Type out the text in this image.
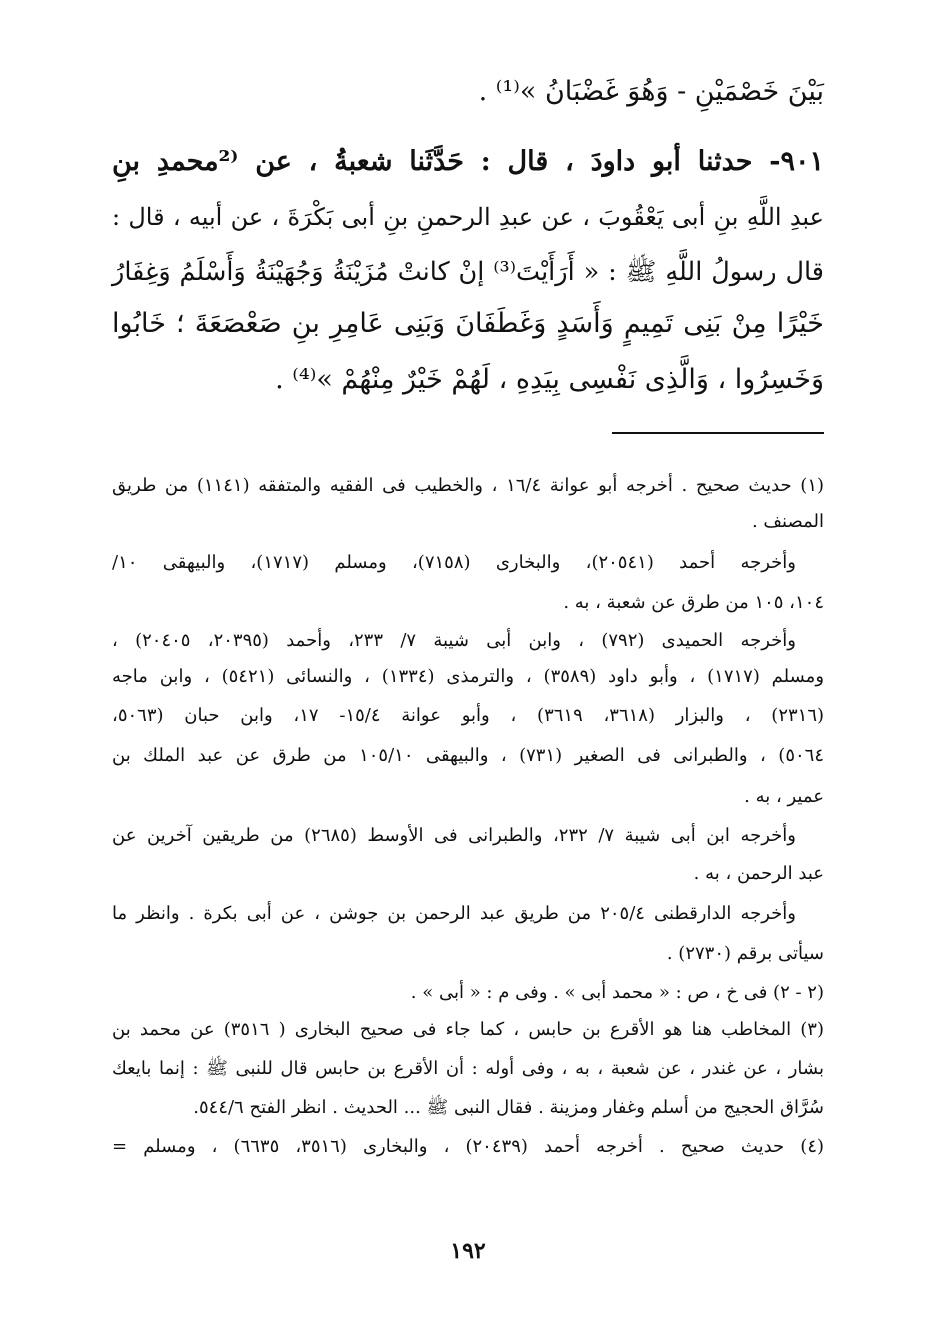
بَيْنَ خَصْمَيْنِ - وَهُوَ غَضْبَانُ »⁽¹⁾ .
٩٠١- حدثنا أبو داودَ ، قال : حَدَّثَنا شعبةُ ، عن ⁽²محمدِ بنِ
عبدِ اللَّهِ بنِ أبى يَعْقُوبَ ، عن عبدِ الرحمنِ بنِ أبى بَكْرَةَ ، عن أبيه ، قال :
قال رسولُ اللَّهِ ﷺ : « أَرَأَيْتَ⁽³⁾ إنْ كانتْ مُزَيْنَةُ وَجُهَيْنَةُ وَأَسْلَمُ وَغِفَارُ
خَيْرًا مِنْ بَنِى تَمِيمٍ وَأَسَدٍ وَغَطَفَانَ وَبَنِى عَامِرِ بنِ صَعْصَعَةَ ؛ خَابُوا
وَخَسِرُوا ، وَالَّذِى نَفْسِى بِيَدِهِ ، لَهُمْ خَيْرٌ مِنْهُمْ »⁽⁴⁾ .
(١) حديث صحيح . أخرجه أبو عوانة ١٦/٤ ، والخطيب فى الفقيه والمتفقه (١١٤١) من طريق
المصنف .
وأخرجه أحمد (٢٠٥٤١)، والبخارى (٧١٥٨)، ومسلم (١٧١٧)، والبيهقى ١٠/
١٠٤، ١٠٥ من طرق عن شعبة ، به .
وأخرجه الحميدى (٧٩٢) ، وابن أبى شيبة ٧/ ٢٣٣، وأحمد (٢٠٣٩٥، ٢٠٤٠٥) ،
ومسلم (١٧١٧) ، وأبو داود (٣٥٨٩) ، والترمذى (١٣٣٤) ، والنسائى (٥٤٢١) ، وابن ماجه
(٢٣١٦) ، والبزار (٣٦١٨، ٣٦١٩) ، وأبو عوانة ١٥/٤- ١٧، وابن حبان (٥٠٦٣،
٥٠٦٤) ، والطبرانى فى الصغير (٧٣١) ، والبيهقى ١٠٥/١٠ من طرق عن عبد الملك بن
عمير ، به .
وأخرجه ابن أبى شيبة ٧/ ٢٣٢، والطبرانى فى الأوسط (٢٦٨٥) من طريقين آخرين عن
عبد الرحمن ، به .
وأخرجه الدارقطنى ٢٠٥/٤ من طريق عبد الرحمن بن جوشن ، عن أبى بكرة . وانظر ما
سيأتى برقم (٢٧٣٠) .
(٢ - ٢) فى خ ، ص : « محمد أبى » . وفى م : « أبى » .
(٣) المخاطب هنا هو الأقرع بن حابس ، كما جاء فى صحيح البخارى ( ٣٥١٦) عن محمد بن
بشار ، عن غندر ، عن شعبة ، به ، وفى أوله : أن الأقرع بن حابس قال للنبى ﷺ : إنما بايعك
سُرَّاق الحجيج من أسلم وغفار ومزينة . فقال النبى ﷺ ... الحديث . انظر الفتح ٥٤٤/٦.
(٤) حديث صحيح . أخرجه أحمد (٢٠٤٣٩) ، والبخارى (٣٥١٦، ٦٦٣٥) ، ومسلم =
١٩٢
